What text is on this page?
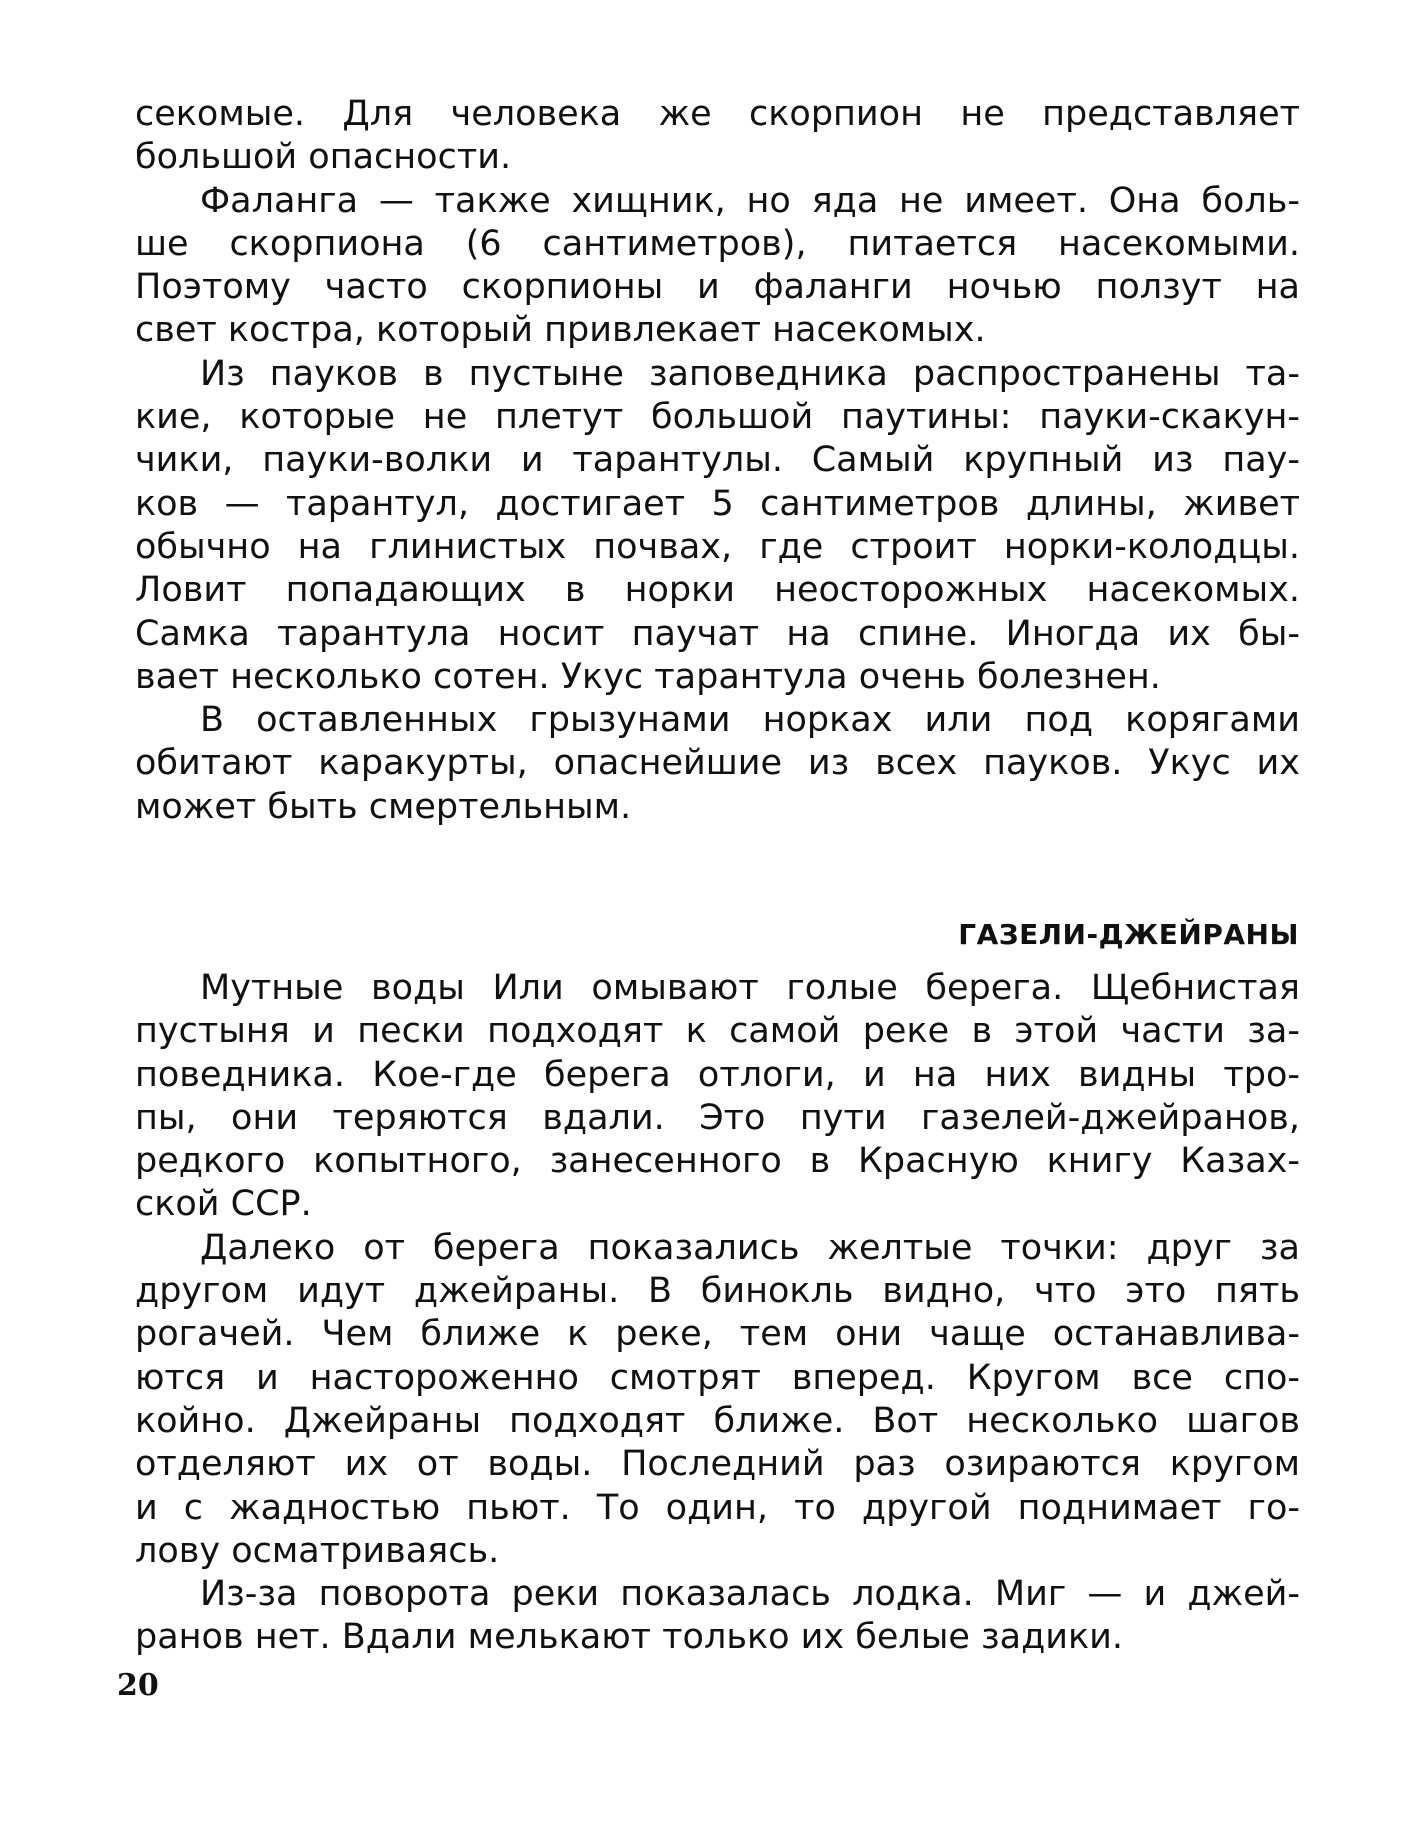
секомые. Для человека же скорпион не представляет
большой опасности.
Фаланга — также хищник, но яда не имеет. Она боль-
ше скорпиона (6 сантиметров), питается насекомыми.
Поэтому часто скорпионы и фаланги ночью ползут на
свет костра, который привлекает насекомых.
Из пауков в пустыне заповедника распространены та-
кие, которые не плетут большой паутины: пауки-скакун-
чики, пауки-волки и тарантулы. Самый крупный из пау-
ков — тарантул, достигает 5 сантиметров длины, живет
обычно на глинистых почвах, где строит норки-колодцы.
Ловит попадающих в норки неосторожных насекомых.
Самка тарантула носит паучат на спине. Иногда их бы-
вает несколько сотен. Укус тарантула очень болезнен.
В оставленных грызунами норках или под корягами
обитают каракурты, опаснейшие из всех пауков. Укус их
может быть смертельным.
ГАЗЕЛИ-ДЖЕЙРАНЫ
Мутные воды Или омывают голые берега. Щебнистая
пустыня и пески подходят к самой реке в этой части за-
поведника. Кое-где берега отлоги, и на них видны тро-
пы, они теряются вдали. Это пути газелей-джейранов,
редкого копытного, занесенного в Красную книгу Казах-
ской ССР.
Далеко от берега показались желтые точки: друг за
другом идут джейраны. В бинокль видно, что это пять
рогачей. Чем ближе к реке, тем они чаще останавлива-
ются и настороженно смотрят вперед. Кругом все спо-
койно. Джейраны подходят ближе. Вот несколько шагов
отделяют их от воды. Последний раз озираются кругом
и с жадностью пьют. То один, то другой поднимает го-
лову осматриваясь.
Из-за поворота реки показалась лодка. Миг — и джей-
ранов нет. Вдали мелькают только их белые задики.
20
